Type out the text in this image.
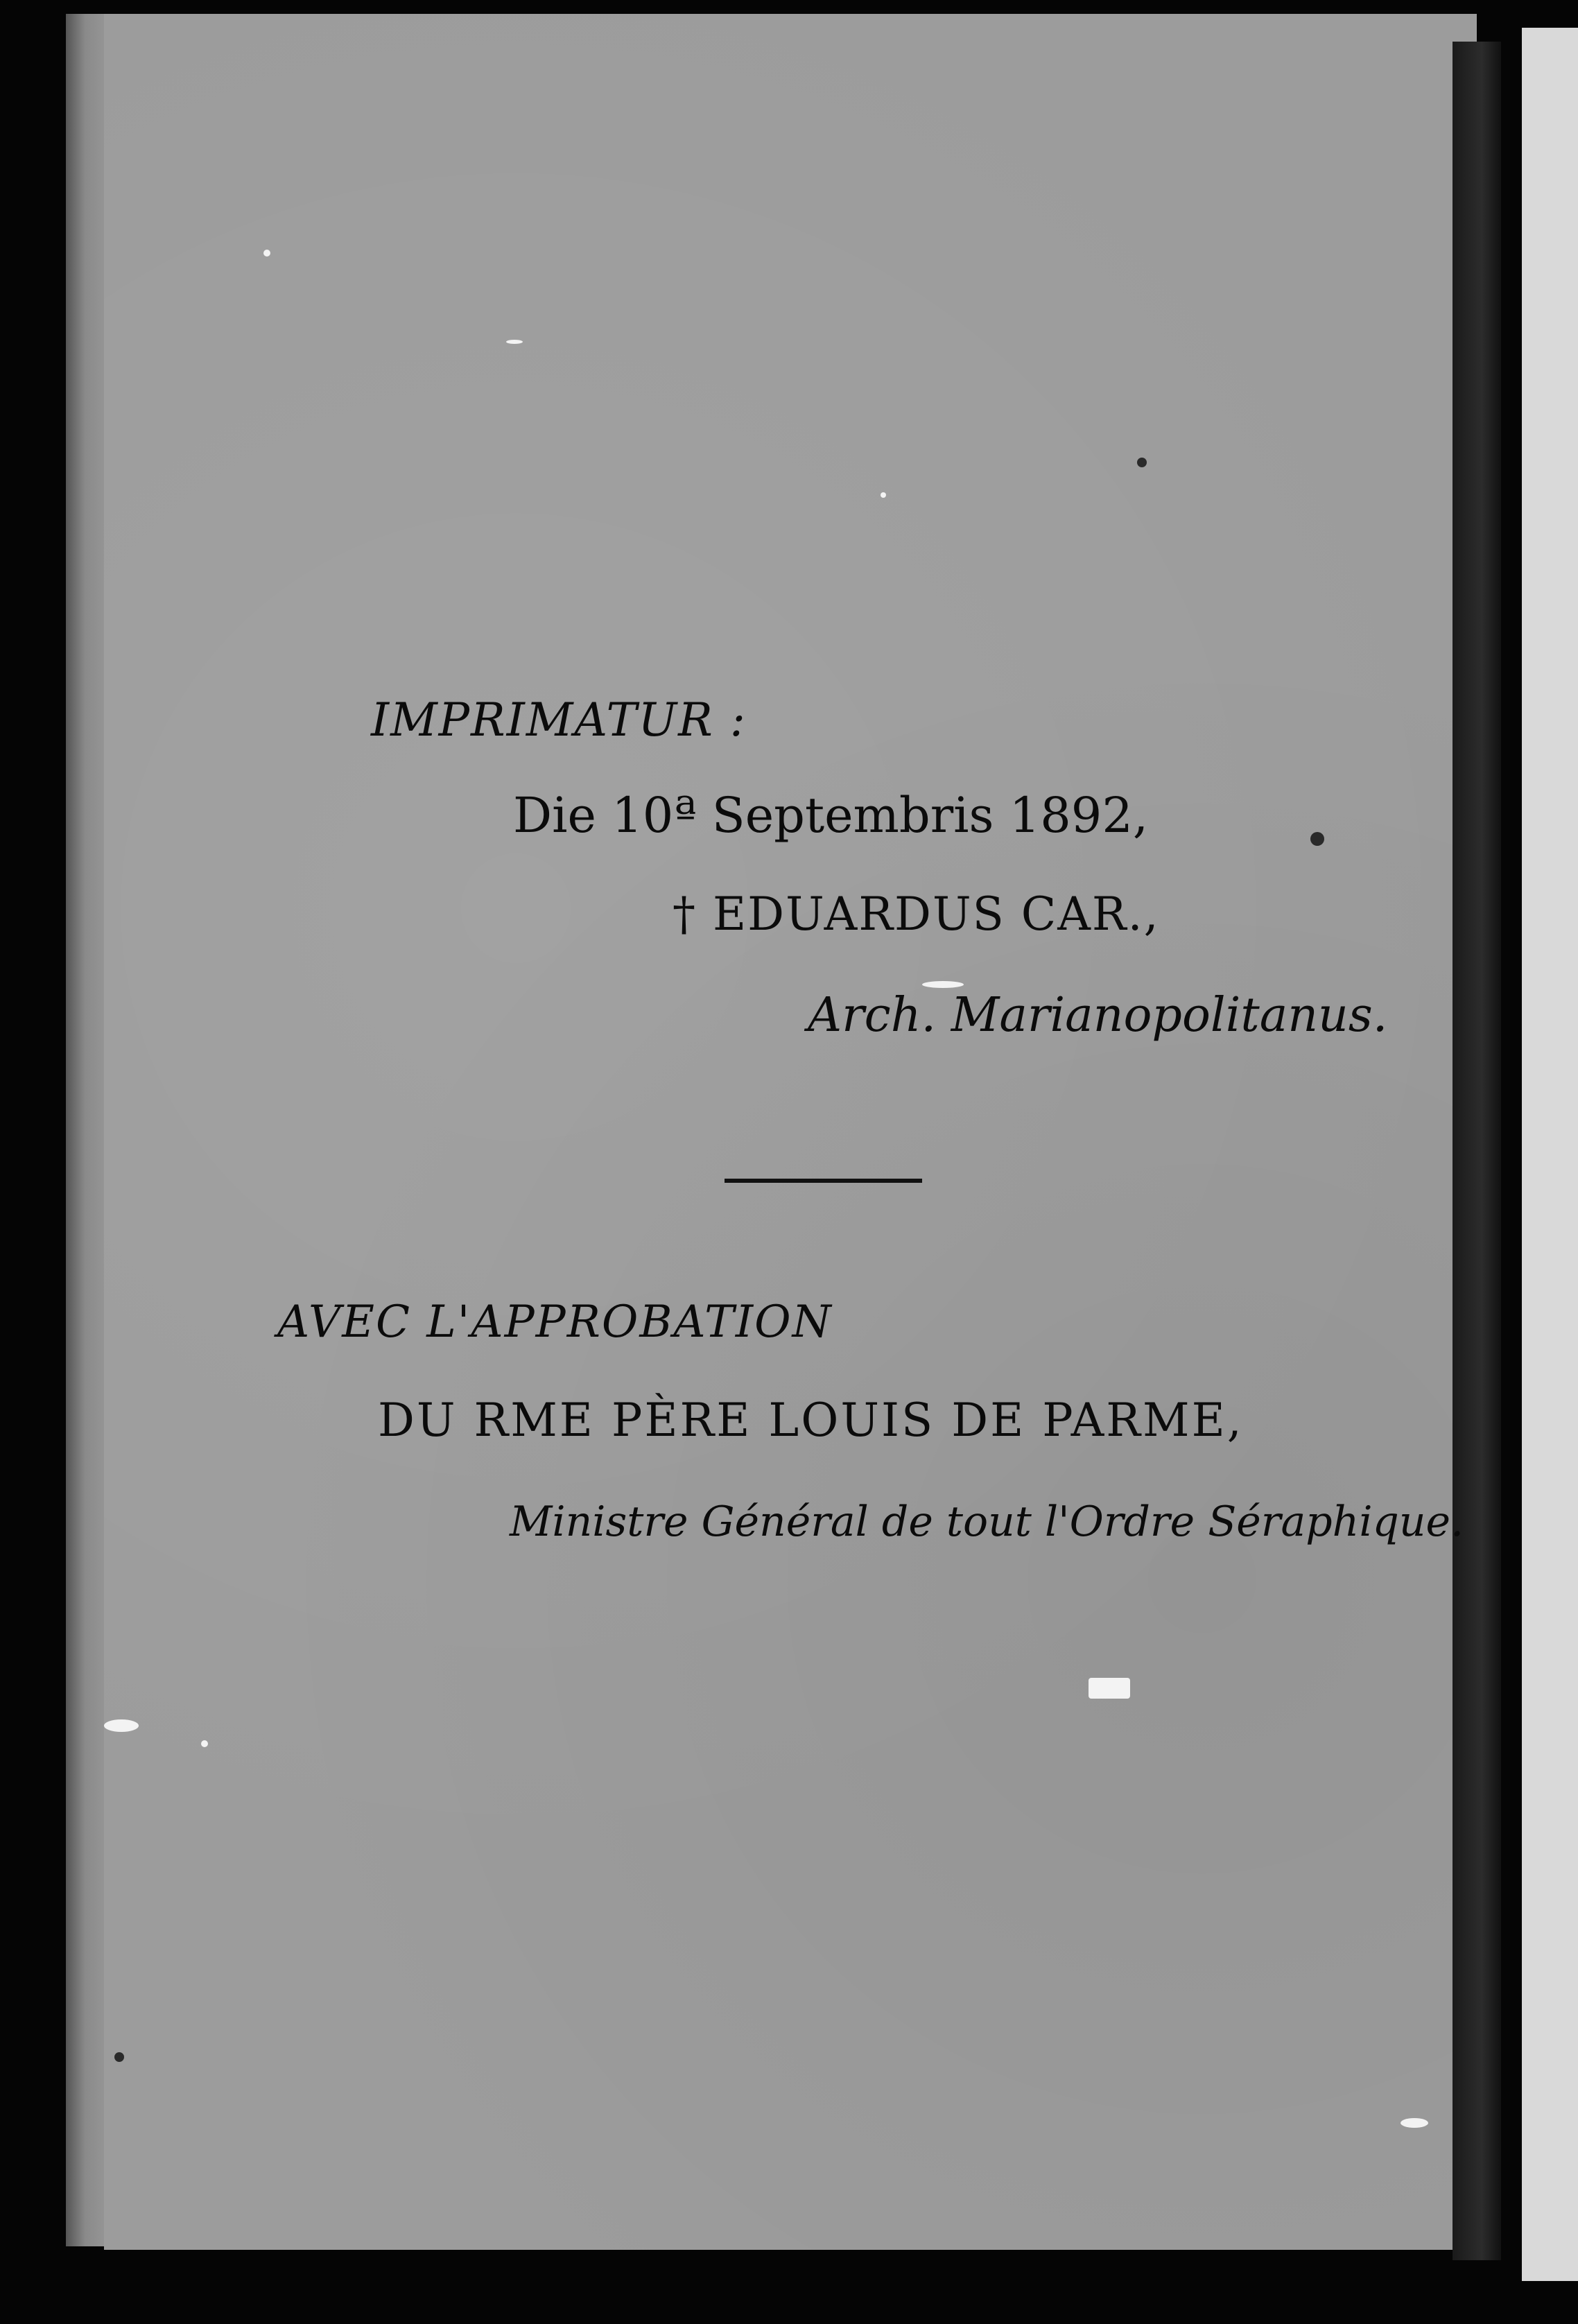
IMPRIMATUR :
Die 10ª Septembris 1892,
† EDUARDUS CAR.,
Arch. Marianopolitanus.
AVEC L'APPROBATION
DU RME PÈRE LOUIS DE PARME,
Ministre Général de tout l'Ordre Séraphique.
